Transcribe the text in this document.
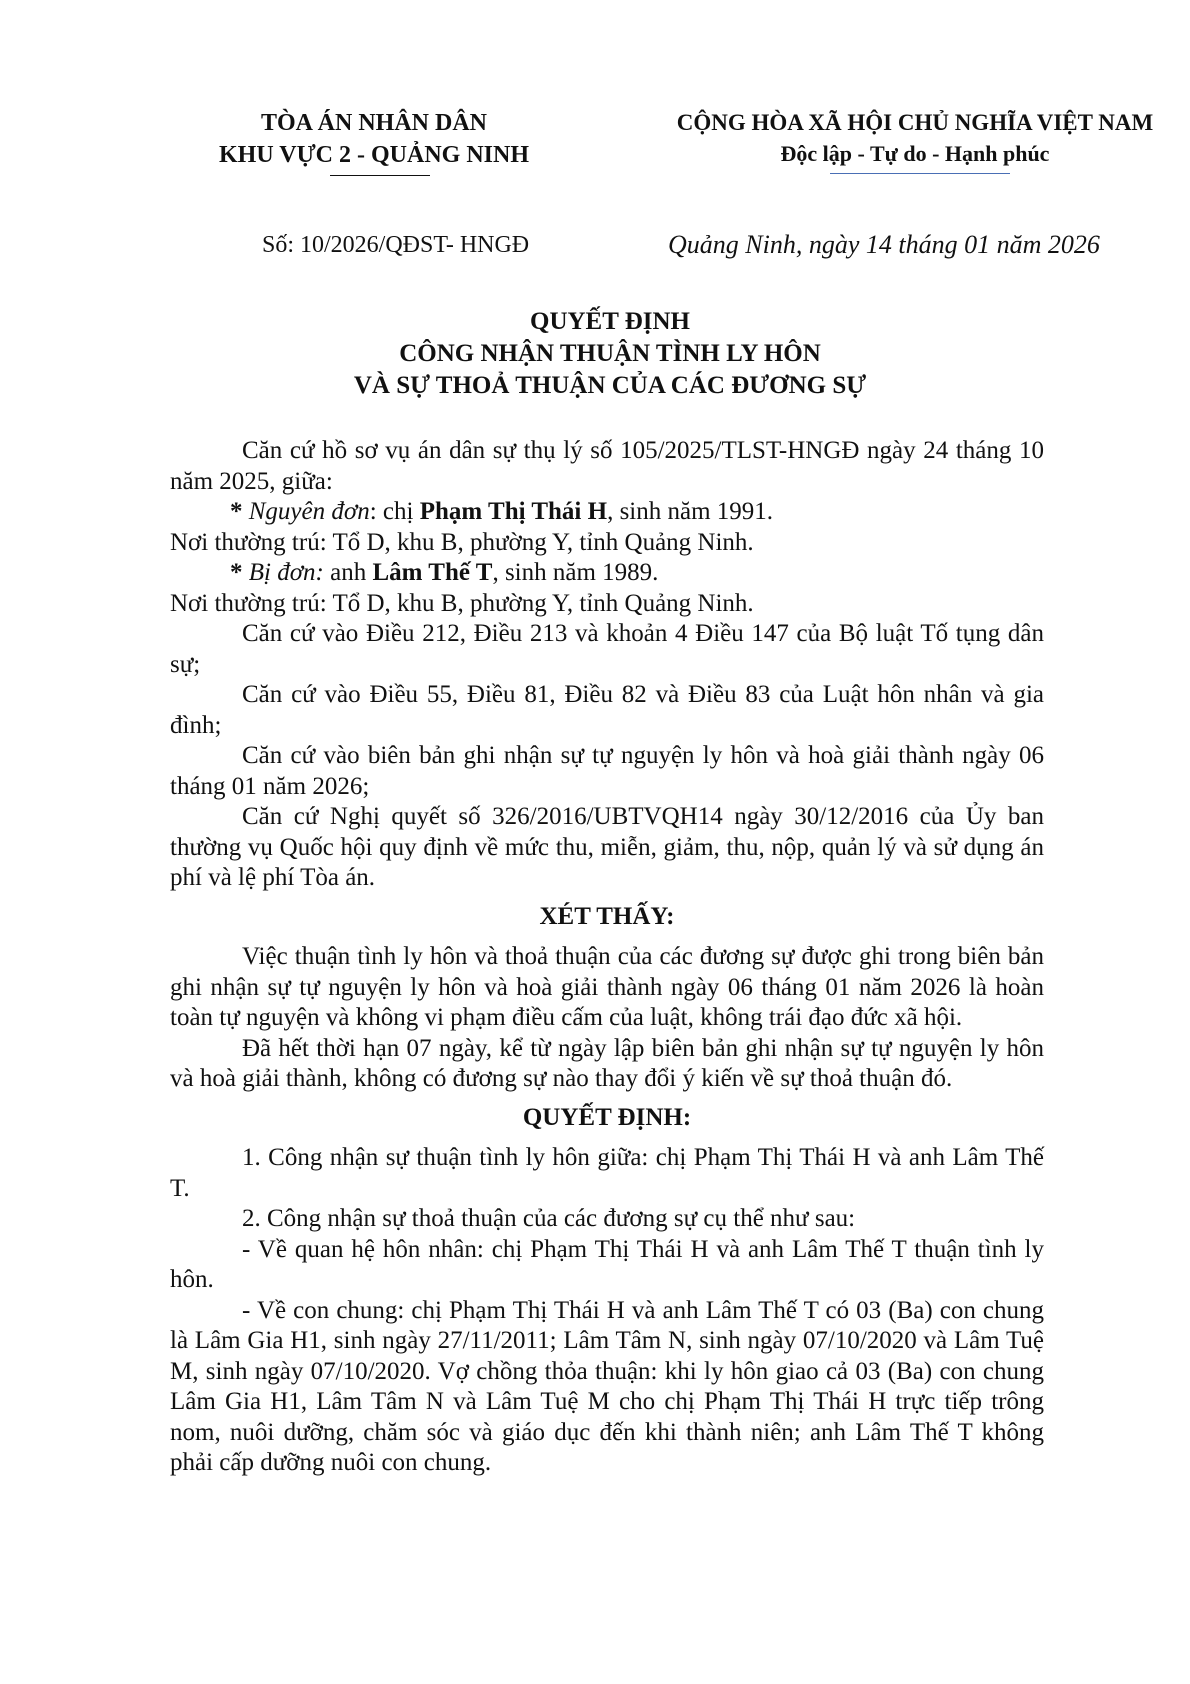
TÒA ÁN NHÂN DÂN
KHU VỰC 2 - QUẢNG NINH
CỘNG HÒA XÃ HỘI CHỦ NGHĨA VIỆT NAM
Độc lập - Tự do - Hạnh phúc
Số: 10/2026/QĐST- HNGĐ	Quảng Ninh, ngày 14 tháng 01 năm 2026
QUYẾT ĐỊNH
CÔNG NHẬN THUẬN TÌNH LY HÔN
VÀ SỰ THOẢ THUẬN CỦA CÁC ĐƯƠNG SỰ

Căn cứ hồ sơ vụ án dân sự thụ lý số 105/2025/TLST-HNGĐ ngày 24 tháng 10 năm 2025, giữa:

* Nguyên đơn: chị Phạm Thị Thái H, sinh năm 1991.

Nơi thường trú: Tổ D, khu B, phường Y, tỉnh Quảng Ninh.

* Bị đơn: anh Lâm Thế T, sinh năm 1989.

Nơi thường trú: Tổ D, khu B, phường Y, tỉnh Quảng Ninh.

Căn cứ vào Điều 212, Điều 213 và khoản 4 Điều 147 của Bộ luật Tố tụng dân sự;

Căn cứ vào Điều 55, Điều 81, Điều 82 và Điều 83 của Luật hôn nhân và gia đình;

Căn cứ vào biên bản ghi nhận sự tự nguyện ly hôn và hoà giải thành ngày 06 tháng 01 năm 2026;

Căn cứ Nghị quyết số 326/2016/UBTVQH14 ngày 30/12/2016 của Ủy ban thường vụ Quốc hội quy định về mức thu, miễn, giảm, thu, nộp, quản lý và sử dụng án phí và lệ phí Tòa án.

XÉT THẤY:

Việc thuận tình ly hôn và thoả thuận của các đương sự được ghi trong biên bản ghi nhận sự tự nguyện ly hôn và hoà giải thành ngày 06 tháng 01 năm 2026 là hoàn toàn tự nguyện và không vi phạm điều cấm của luật, không trái đạo đức xã hội.

Đã hết thời hạn 07 ngày, kể từ ngày lập biên bản ghi nhận sự tự nguyện ly hôn và hoà giải thành, không có đương sự nào thay đổi ý kiến về sự thoả thuận đó.

QUYẾT ĐỊNH:

1. Công nhận sự thuận tình ly hôn giữa: chị Phạm Thị Thái H và anh Lâm Thế T.

2. Công nhận sự thoả thuận của các đương sự cụ thể như sau:

- Về quan hệ hôn nhân: chị Phạm Thị Thái H và anh Lâm Thế T thuận tình ly hôn.

- Về con chung: chị Phạm Thị Thái H và anh Lâm Thế T có 03 (Ba) con chung là Lâm Gia H1, sinh ngày 27/11/2011; Lâm Tâm N, sinh ngày 07/10/2020 và Lâm Tuệ M, sinh ngày 07/10/2020. Vợ chồng thỏa thuận: khi ly hôn giao cả 03 (Ba) con chung Lâm Gia H1, Lâm Tâm N và Lâm Tuệ M cho chị Phạm Thị Thái H trực tiếp trông nom, nuôi dưỡng, chăm sóc và giáo dục đến khi thành niên; anh Lâm Thế T không phải cấp dưỡng nuôi con chung.
